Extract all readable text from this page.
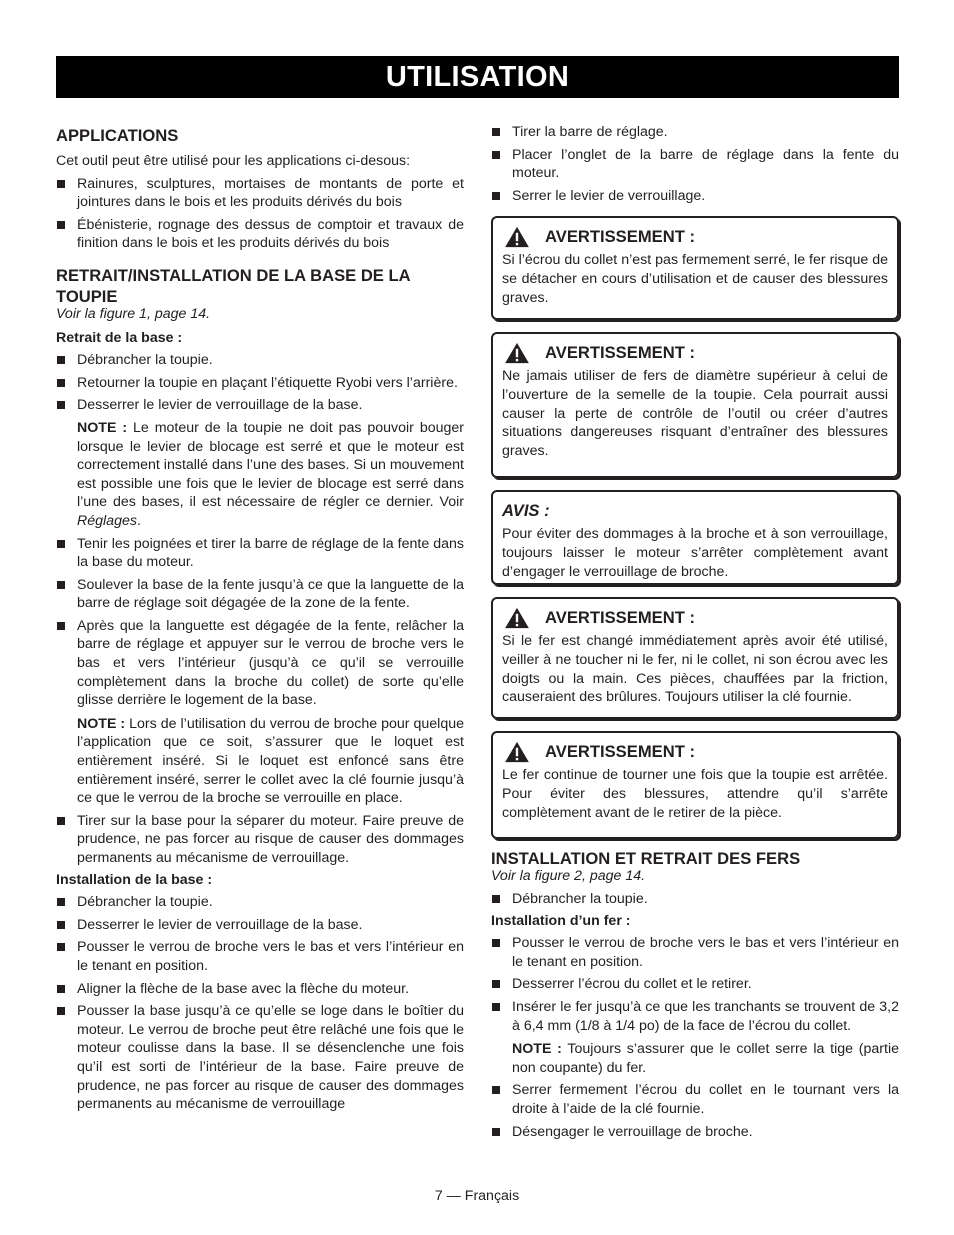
UTILISATION
APPLICATIONS

Cet outil peut être utilisé pour les applications ci-desous:

Rainures, sculptures, mortaises de montants de porte et jointures dans le bois et les produits dérivés du bois
Ébénisterie, rognage des dessus de comptoir et travaux de finition dans le bois et les produits dérivés du bois
RETRAIT/INSTALLATION DE LA BASE DE LA TOUPIE

Voir la figure 1, page 14.

Retrait de la base :

Débrancher la toupie.
Retourner la toupie en plaçant l’étiquette Ryobi vers l’arrière.
Desserrer le levier de verrouillage de la base.

NOTE : Le moteur de la toupie ne doit pas pouvoir bouger lorsque le levier de blocage est serré et que le moteur est correctement installé dans l’une des bases. Si un mouvement est possible une fois que le levier de blocage est serré dans l’une des bases, il est nécessaire de régler ce dernier. Voir Réglages.

Tenir les poignées et tirer la barre de réglage de la fente dans la base du moteur.
Soulever la base de la fente jusqu’à ce que la languette de la barre de réglage soit dégagée de la zone de la fente.
Après que la languette est dégagée de la fente, relâcher la barre de réglage et appuyer sur le verrou de broche vers le bas et vers l’intérieur (jusqu’à ce qu’il se verrouille complètement dans la broche du collet) de sorte qu’elle glisse derrière le logement de la base.

NOTE : Lors de l’utilisation du verrou de broche pour quelque l’application que ce soit, s’assurer que le loquet est entièrement inséré. Si le loquet est enfoncé sans être entièrement inséré, serrer le collet avec la clé fournie jusqu’à ce que le verrou de la broche se verrouille en place.

Tirer sur la base pour la séparer du moteur. Faire preuve de prudence, ne pas forcer au risque de causer des dommages permanents au mécanisme de verrouillage.

Installation de la base :

Débrancher la toupie.
Desserrer le levier de verrouillage de la base.
Pousser le verrou de broche vers le bas et vers l’intérieur en le tenant en position.
Aligner la flèche de la base avec la flèche du moteur.
Pousser la base jusqu’à ce qu’elle se loge dans le boîtier du moteur. Le verrou de broche peut être relâché une fois que le moteur coulisse dans la base. Il se désenclenche une fois qu’il est sorti de l’intérieur de la base. Faire preuve de prudence, ne pas forcer au risque de causer des dommages permanents au mécanisme de verrouillage
Tirer la barre de réglage.
Placer l’onglet de la barre de réglage dans la fente du moteur.
Serrer le levier de verrouillage.
AVERTISSEMENT :
Si l’écrou du collet n’est pas fermement serré, le fer risque de se détacher en cours d’utilisation et de causer des blessures graves.
AVERTISSEMENT :
Ne jamais utiliser de fers de diamètre supérieur à celui de l’ouverture de la semelle de la toupie. Cela pourrait aussi causer la perte de contrôle de l’outil ou créer d’autres situations dangereuses risquant d’entraîner des blessures graves.
AVIS :
Pour éviter des dommages à la broche et à son verrouillage, toujours laisser le moteur s’arrêter complètement avant d’engager le verrouillage de broche.
AVERTISSEMENT :
Si le fer est changé immédiatement après avoir été utilisé, veiller à ne toucher ni le fer, ni le collet, ni son écrou avec les doigts ou la main. Ces pièces, chauffées par la friction, causeraient des brûlures. Toujours utiliser la clé fournie.
AVERTISSEMENT :
Le fer continue de tourner une fois que la toupie est arrêtée. Pour éviter des blessures, attendre qu’il s’arrête complètement avant de le retirer de la pièce.
INSTALLATION ET RETRAIT DES FERS

Voir la figure 2, page 14.

Débrancher la toupie.

Installation d’un fer :

Pousser le verrou de broche vers le bas et vers l’intérieur en le tenant en position.
Desserrer l’écrou du collet et le retirer.
Insérer le fer jusqu’à ce que les tranchants se trouvent de 3,2 à 6,4 mm (1/8 à 1/4 po) de la face de l’écrou du collet.

NOTE : Toujours s’assurer que le collet serre la tige (partie non coupante) du fer.

Serrer fermement l’écrou du collet en le tournant vers la droite à l’aide de la clé fournie.
Désengager le verrouillage de broche.
7 — Français
